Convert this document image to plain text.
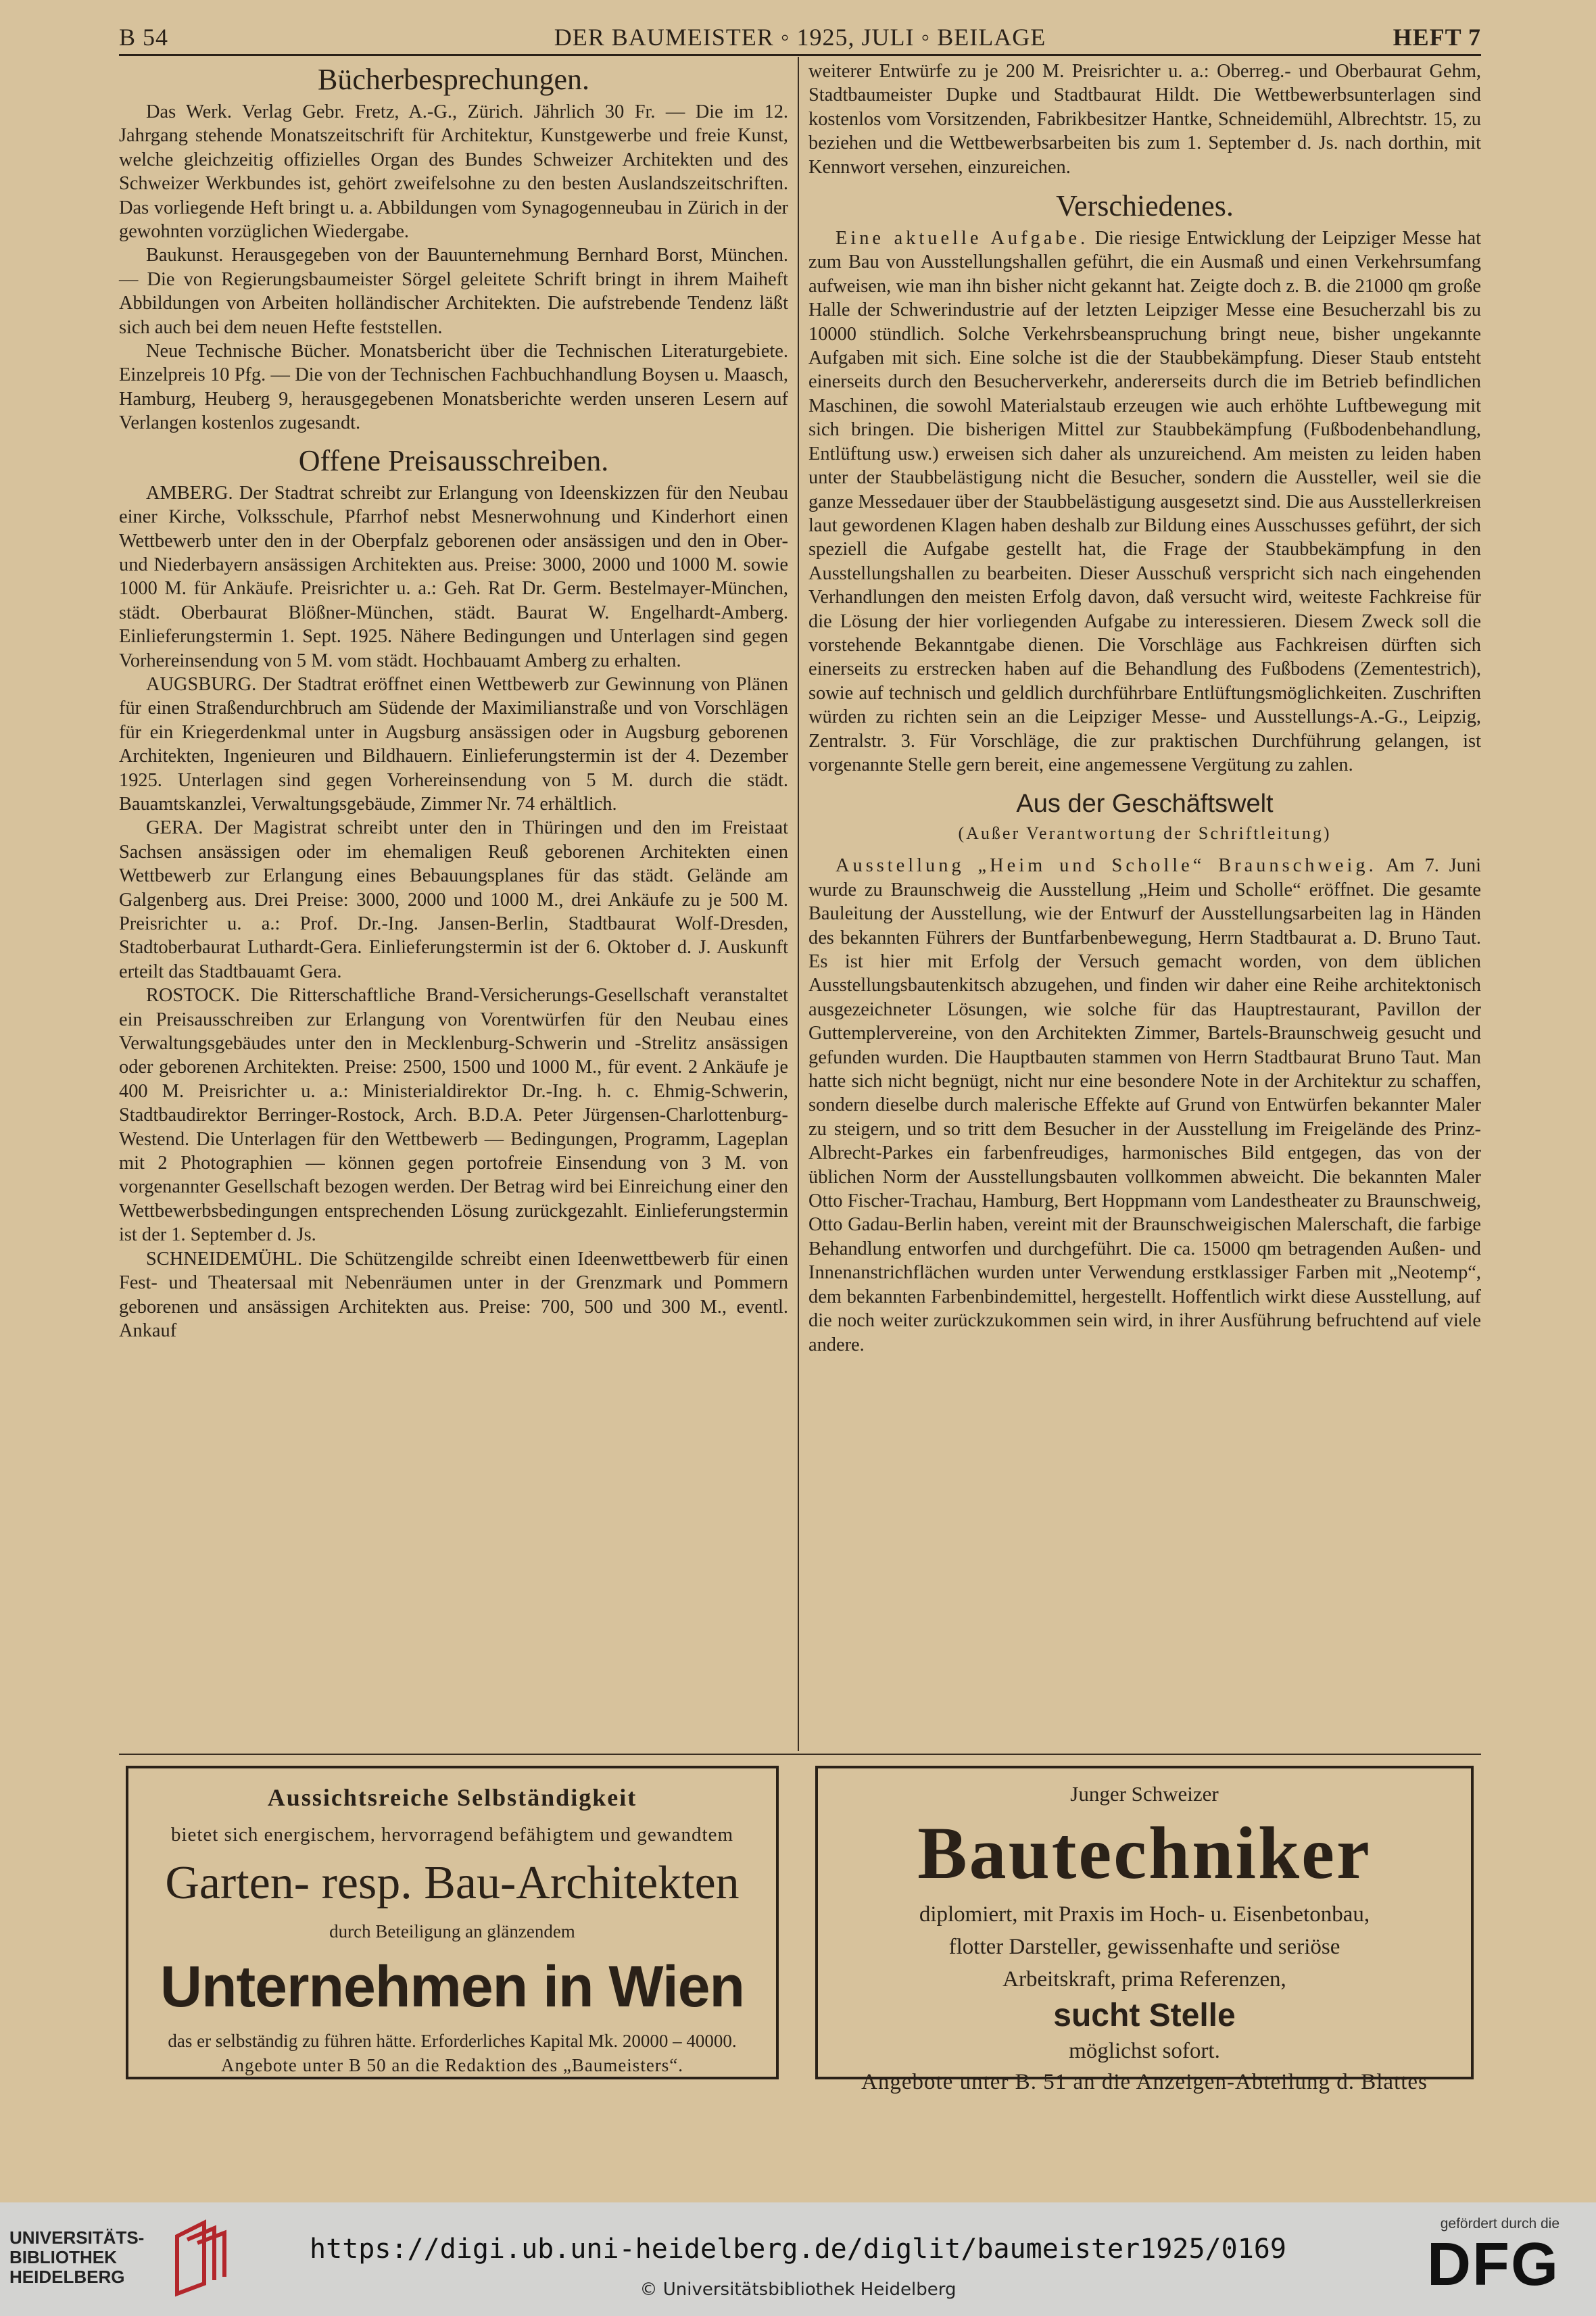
B 54	DER BAUMEISTER ◦ 1925, JULI ◦ BEILAGE	HEFT 7
Bücherbesprechungen.

Das Werk. Verlag Gebr. Fretz, A.-G., Zürich. Jährlich 30 Fr. — Die im 12. Jahrgang stehende Monatszeitschrift für Architektur, Kunstgewerbe und freie Kunst, welche gleichzeitig offizielles Organ des Bundes Schweizer Architekten und des Schweizer Werkbundes ist, gehört zweifelsohne zu den besten Auslandszeitschriften. Das vorliegende Heft bringt u. a. Abbildungen vom Synagogenneubau in Zürich in der gewohnten vorzüglichen Wiedergabe.

Baukunst. Herausgegeben von der Bauunternehmung Bernhard Borst, München. — Die von Regierungsbaumeister Sörgel geleitete Schrift bringt in ihrem Maiheft Abbildungen von Arbeiten holländischer Architekten. Die aufstrebende Tendenz läßt sich auch bei dem neuen Hefte feststellen.

Neue Technische Bücher. Monatsbericht über die Technischen Literaturgebiete. Einzelpreis 10 Pfg. — Die von der Technischen Fachbuchhandlung Boysen u. Maasch, Hamburg, Heuberg 9, herausgegebenen Monatsberichte werden unseren Lesern auf Verlangen kostenlos zugesandt.

Offene Preisausschreiben.

AMBERG. Der Stadtrat schreibt zur Erlangung von Ideenskizzen für den Neubau einer Kirche, Volksschule, Pfarrhof nebst Mesnerwohnung und Kinderhort einen Wettbewerb unter den in der Oberpfalz geborenen oder ansässigen und den in Ober- und Niederbayern ansässigen Architekten aus. Preise: 3000, 2000 und 1000 M. sowie 1000 M. für Ankäufe. Preisrichter u. a.: Geh. Rat Dr. Germ. Bestelmayer-München, städt. Oberbaurat Blößner-München, städt. Baurat W. Engelhardt-Amberg. Einlieferungstermin 1. Sept. 1925. Nähere Bedingungen und Unterlagen sind gegen Vorhereinsendung von 5 M. vom städt. Hochbauamt Amberg zu erhalten.

AUGSBURG. Der Stadtrat eröffnet einen Wettbewerb zur Gewinnung von Plänen für einen Straßendurchbruch am Südende der Maximilianstraße und von Vorschlägen für ein Kriegerdenkmal unter in Augsburg ansässigen oder in Augsburg geborenen Architekten, Ingenieuren und Bildhauern. Einlieferungstermin ist der 4. Dezember 1925. Unterlagen sind gegen Vorhereinsendung von 5 M. durch die städt. Bauamtskanzlei, Verwaltungsgebäude, Zimmer Nr. 74 erhältlich.

GERA. Der Magistrat schreibt unter den in Thüringen und den im Freistaat Sachsen ansässigen oder im ehemaligen Reuß geborenen Architekten einen Wettbewerb zur Erlangung eines Bebauungsplanes für das städt. Gelände am Galgenberg aus. Drei Preise: 3000, 2000 und 1000 M., drei Ankäufe zu je 500 M. Preisrichter u. a.: Prof. Dr.-Ing. Jansen-Berlin, Stadtbaurat Wolf-Dresden, Stadtoberbaurat Luthardt-Gera. Einlieferungstermin ist der 6. Oktober d. J. Auskunft erteilt das Stadtbauamt Gera.

ROSTOCK. Die Ritterschaftliche Brand-Versicherungs-Gesellschaft veranstaltet ein Preisausschreiben zur Erlangung von Vorentwürfen für den Neubau eines Verwaltungsgebäudes unter den in Mecklenburg-Schwerin und -Strelitz ansässigen oder geborenen Architekten. Preise: 2500, 1500 und 1000 M., für event. 2 Ankäufe je 400 M. Preisrichter u. a.: Ministerialdirektor Dr.-Ing. h. c. Ehmig-Schwerin, Stadtbaudirektor Berringer-Rostock, Arch. B.D.A. Peter Jürgensen-Charlottenburg-Westend. Die Unterlagen für den Wettbewerb — Bedingungen, Programm, Lageplan mit 2 Photographien — können gegen portofreie Einsendung von 3 M. von vorgenannter Gesellschaft bezogen werden. Der Betrag wird bei Einreichung einer den Wettbewerbsbedingungen entsprechenden Lösung zurückgezahlt. Einlieferungstermin ist der 1. September d. Js.

SCHNEIDEMÜHL. Die Schützengilde schreibt einen Ideenwettbewerb für einen Fest- und Theatersaal mit Nebenräumen unter in der Grenzmark und Pommern geborenen und ansässigen Architekten aus. Preise: 700, 500 und 300 M., eventl. Ankauf

weiterer Entwürfe zu je 200 M. Preisrichter u. a.: Oberreg.- und Oberbaurat Gehm, Stadtbaumeister Dupke und Stadtbaurat Hildt. Die Wettbewerbsunterlagen sind kostenlos vom Vorsitzenden, Fabrikbesitzer Hantke, Schneidemühl, Albrechtstr. 15, zu beziehen und die Wettbewerbsarbeiten bis zum 1. September d. Js. nach dorthin, mit Kennwort versehen, einzureichen.

Verschiedenes.

Eine aktuelle Aufgabe. Die riesige Entwicklung der Leipziger Messe hat zum Bau von Ausstellungshallen geführt, die ein Ausmaß und einen Verkehrsumfang aufweisen, wie man ihn bisher nicht gekannt hat. Zeigte doch z. B. die 21000 qm große Halle der Schwerindustrie auf der letzten Leipziger Messe eine Besucherzahl bis zu 10000 stündlich. Solche Verkehrsbeanspruchung bringt neue, bisher ungekannte Aufgaben mit sich. Eine solche ist die der Staubbekämpfung. Dieser Staub entsteht einerseits durch den Besucherverkehr, andererseits durch die im Betrieb befindlichen Maschinen, die sowohl Materialstaub erzeugen wie auch erhöhte Luftbewegung mit sich bringen. Die bisherigen Mittel zur Staubbekämpfung (Fußbodenbehandlung, Entlüftung usw.) erweisen sich daher als unzureichend. Am meisten zu leiden haben unter der Staubbelästigung nicht die Besucher, sondern die Aussteller, weil sie die ganze Messedauer über der Staubbelästigung ausgesetzt sind. Die aus Ausstellerkreisen laut gewordenen Klagen haben deshalb zur Bildung eines Ausschusses geführt, der sich speziell die Aufgabe gestellt hat, die Frage der Staubbekämpfung in den Ausstellungshallen zu bearbeiten. Dieser Ausschuß verspricht sich nach eingehenden Verhandlungen den meisten Erfolg davon, daß versucht wird, weiteste Fachkreise für die Lösung der hier vorliegenden Aufgabe zu interessieren. Diesem Zweck soll die vorstehende Bekanntgabe dienen. Die Vorschläge aus Fachkreisen dürften sich einerseits zu erstrecken haben auf die Behandlung des Fußbodens (Zementestrich), sowie auf technisch und geldlich durchführbare Entlüftungsmöglichkeiten. Zuschriften würden zu richten sein an die Leipziger Messe- und Ausstellungs-A.-G., Leipzig, Zentralstr. 3. Für Vorschläge, die zur praktischen Durchführung gelangen, ist vorgenannte Stelle gern bereit, eine angemessene Vergütung zu zahlen.

Aus der Geschäftswelt
(Außer Verantwortung der Schriftleitung)

Ausstellung „Heim und Scholle“ Braunschweig. Am 7. Juni wurde zu Braunschweig die Ausstellung „Heim und Scholle“ eröffnet. Die gesamte Bauleitung der Ausstellung, wie der Entwurf der Ausstellungsarbeiten lag in Händen des bekannten Führers der Buntfarbenbewegung, Herrn Stadtbaurat a. D. Bruno Taut. Es ist hier mit Erfolg der Versuch gemacht worden, von dem üblichen Ausstellungsbautenkitsch abzugehen, und finden wir daher eine Reihe architektonisch ausgezeichneter Lösungen, wie solche für das Hauptrestaurant, Pavillon der Guttemplervereine, von den Architekten Zimmer, Bartels-Braunschweig gesucht und gefunden wurden. Die Hauptbauten stammen von Herrn Stadtbaurat Bruno Taut. Man hatte sich nicht begnügt, nicht nur eine besondere Note in der Architektur zu schaffen, sondern dieselbe durch malerische Effekte auf Grund von Entwürfen bekannter Maler zu steigern, und so tritt dem Besucher in der Ausstellung im Freigelände des Prinz-Albrecht-Parkes ein farbenfreudiges, harmonisches Bild entgegen, das von der üblichen Norm der Ausstellungsbauten vollkommen abweicht. Die bekannten Maler Otto Fischer-Trachau, Hamburg, Bert Hoppmann vom Landestheater zu Braunschweig, Otto Gadau-Berlin haben, vereint mit der Braunschweigischen Malerschaft, die farbige Behandlung entworfen und durchgeführt. Die ca. 15000 qm betragenden Außen- und Innenanstrichflächen wurden unter Verwendung erstklassiger Farben mit „Neotemp“, dem bekannten Farbenbindemittel, hergestellt. Hoffentlich wirkt diese Ausstellung, auf die noch weiter zurückzukommen sein wird, in ihrer Ausführung befruchtend auf viele andere.

Aussichtsreiche Selbständigkeit
bietet sich energischem, hervorragend befähigtem und gewandtem
Garten- resp. Bau-Architekten
durch Beteiligung an glänzendem
Unternehmen in Wien
das er selbständig zu führen hätte. Erforderliches Kapital Mk. 20000 – 40000.
Angebote unter B 50 an die Redaktion des „Baumeisters“.
Junger Schweizer
Bautechniker
diplomiert, mit Praxis im Hoch- u. Eisenbetonbau,
flotter Darsteller, gewissenhafte und seriöse
Arbeitskraft, prima Referenzen,
sucht Stelle
möglichst sofort.
Angebote unter B. 51 an die Anzeigen-Abteilung d. Blattes
UNIVERSITÄTS-
BIBLIOTHEK
HEIDELBERG
https://digi.ub.uni-heidelberg.de/diglit/baumeister1925/0169
© Universitätsbibliothek Heidelberg
gefördert durch die
DFG
